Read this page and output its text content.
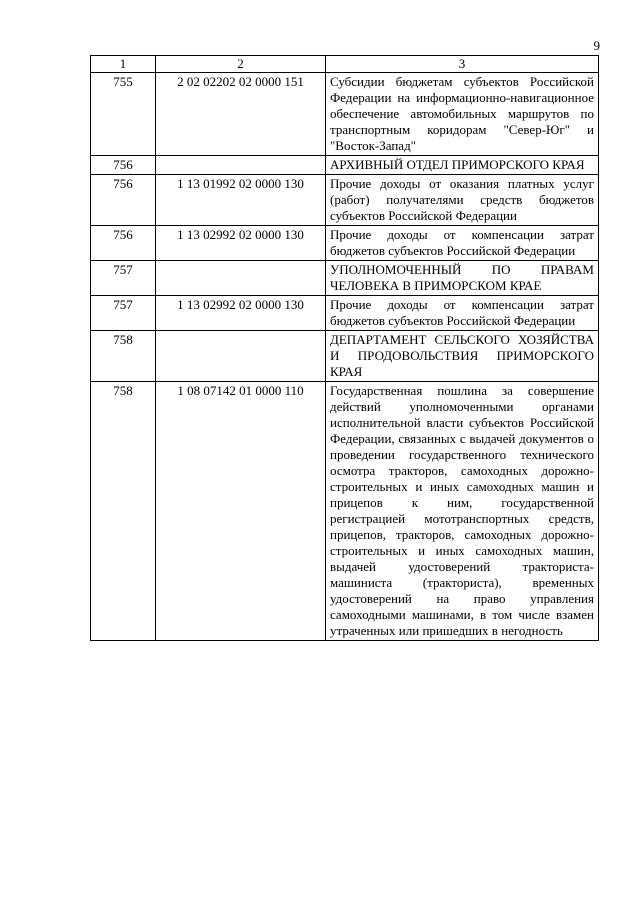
9
1	2	3
755	2 02 02202 02 0000 151	Субсидии бюджетам субъектов Российской Федерации на информационно-навигационное обеспечение автомобильных маршрутов по транспортным коридорам "Север-Юг" и "Восток-Запад"
756		АРХИВНЫЙ ОТДЕЛ ПРИМОРСКОГО КРАЯ
756	1 13 01992 02 0000 130	Прочие доходы от оказания платных услуг (работ) получателями средств бюджетов субъектов Российской Федерации
756	1 13 02992 02 0000 130	Прочие доходы от компенсации затрат бюджетов субъектов Российской Федерации
757		УПОЛНОМОЧЕННЫЙ ПО ПРАВАМ ЧЕЛОВЕКА В ПРИМОРСКОМ КРАЕ
757	1 13 02992 02 0000 130	Прочие доходы от компенсации затрат бюджетов субъектов Российской Федерации
758		ДЕПАРТАМЕНТ СЕЛЬСКОГО ХОЗЯЙСТВА И ПРОДОВОЛЬСТВИЯ ПРИМОРСКОГО КРАЯ
758	1 08 07142 01 0000 110	Государственная пошлина за совершение действий уполномоченными органами исполнительной власти субъектов Российской Федерации, связанных с выдачей документов о проведении государственного технического осмотра тракторов, самоходных дорожно-строительных и иных самоходных машин и прицепов к ним, государственной регистрацией мототранспортных средств, прицепов, тракторов, самоходных дорожно-строительных и иных самоходных машин, выдачей удостоверений тракториста-машиниста (тракториста), временных удостоверений на право управления самоходными машинами, в том числе взамен утраченных или пришедших в негодность
